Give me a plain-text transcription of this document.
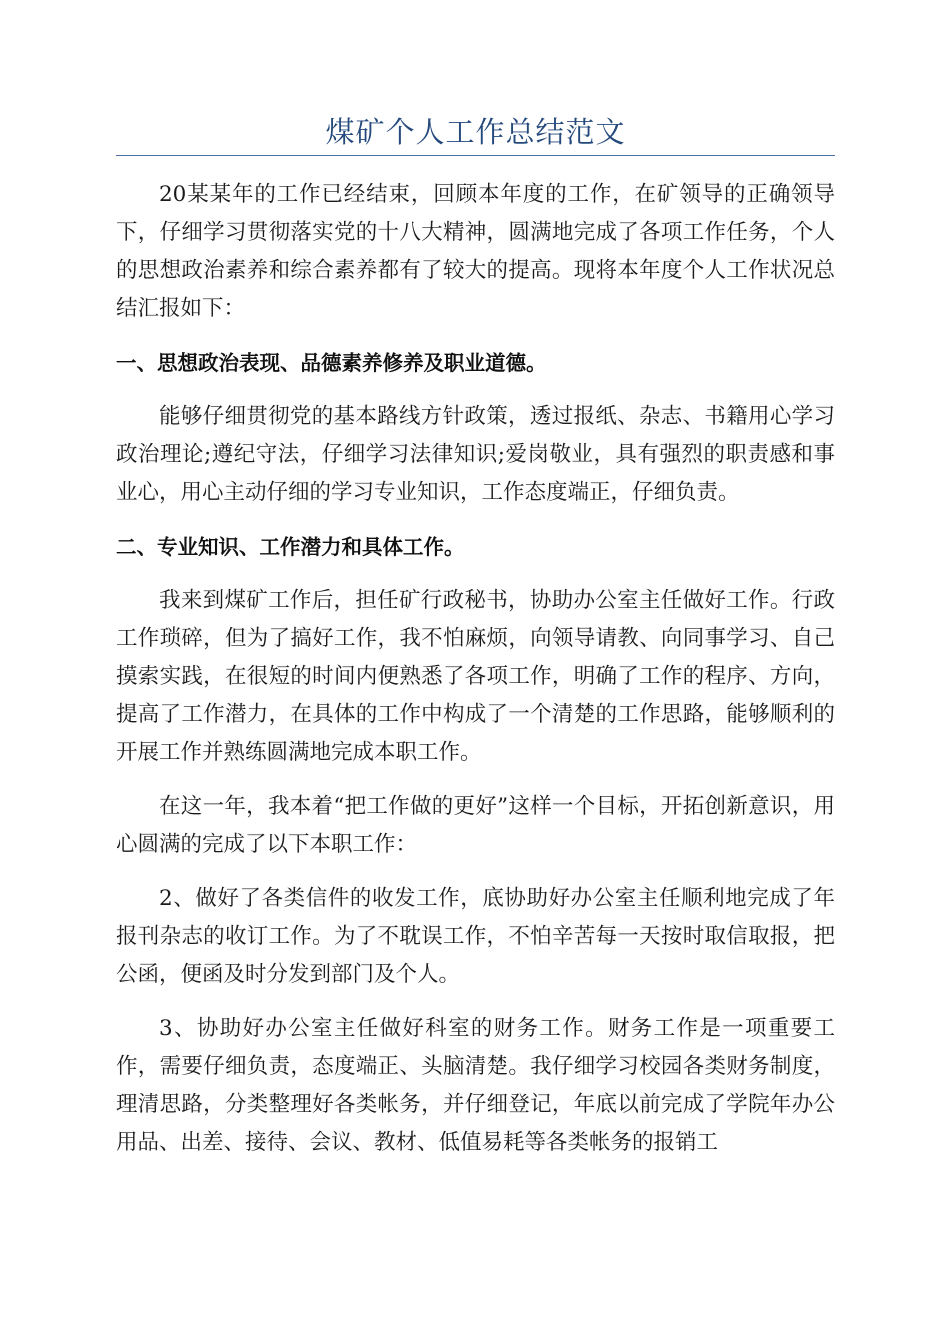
煤矿个人工作总结范文

20某某年的工作已经结束，回顾本年度的工作，在矿领导的正确领导下，仔细学习贯彻落实党的十八大精神，圆满地完成了各项工作任务，个人的思想政治素养和综合素养都有了较大的提高。现将本年度个人工作状况总结汇报如下：

一、思想政治表现、品德素养修养及职业道德。

能够仔细贯彻党的基本路线方针政策，透过报纸、杂志、书籍用心学习政治理论;遵纪守法，仔细学习法律知识;爱岗敬业，具有强烈的职责感和事业心，用心主动仔细的学习专业知识，工作态度端正，仔细负责。

二、专业知识、工作潜力和具体工作。

我来到煤矿工作后，担任矿行政秘书，协助办公室主任做好工作。行政工作琐碎，但为了搞好工作，我不怕麻烦，向领导请教、向同事学习、自己摸索实践，在很短的时间内便熟悉了各项工作，明确了工作的程序、方向，提高了工作潜力，在具体的工作中构成了一个清楚的工作思路，能够顺利的开展工作并熟练圆满地完成本职工作。

在这一年，我本着“把工作做的更好”这样一个目标，开拓创新意识，用心圆满的完成了以下本职工作：

2、做好了各类信件的收发工作，底协助好办公室主任顺利地完成了年报刊杂志的收订工作。为了不耽误工作，不怕辛苦每一天按时取信取报，把公函，便函及时分发到部门及个人。

3、协助好办公室主任做好科室的财务工作。财务工作是一项重要工作，需要仔细负责，态度端正、头脑清楚。我仔细学习校园各类财务制度，理清思路，分类整理好各类帐务，并仔细登记，年底以前完成了学院年办公用品、出差、接待、会议、教材、低值易耗等各类帐务的报销工
